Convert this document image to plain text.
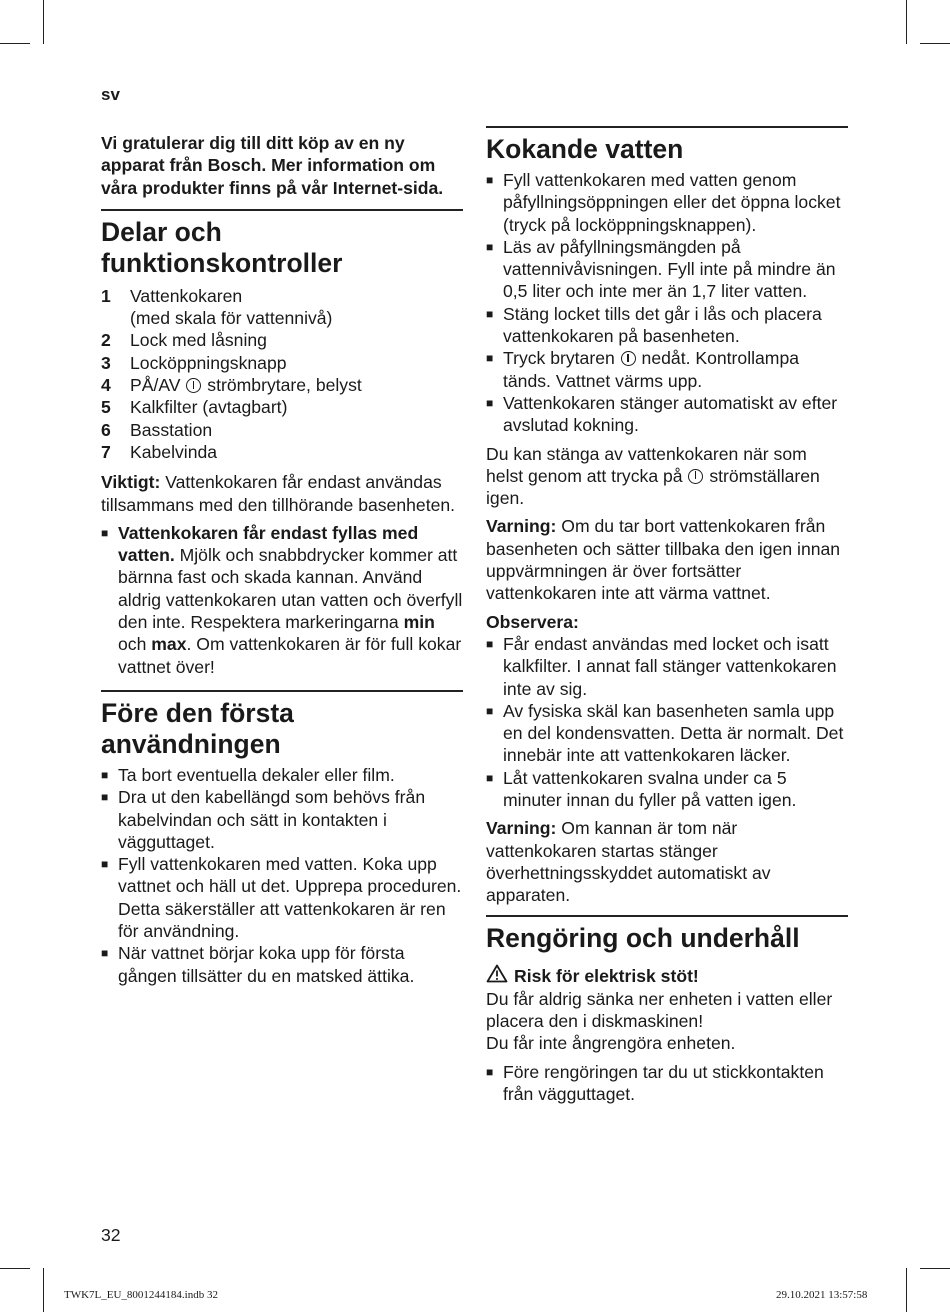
sv

Vi gratulerar dig till ditt köp av en ny apparat från Bosch. Mer information om våra produkter finns på vår Internet-sida.

Delar och funktionskontroller
1	Vattenkokaren
(med skala för vattennivå)
2	Lock med låsning
3	Locköppningsknapp
4	PÅ/AV  strömbrytare, belyst
5	Kalkfilter (avtagbart)
6	Basstation
7	Kabelvinda

Viktigt: Vattenkokaren får endast användas tillsammans med den tillhörande basenheten.

■ Vattenkokaren får endast fyllas med vatten. Mjölk och snabbdrycker kommer att bärnna fast och skada kannan. Använd aldrig vattenkokaren utan vatten och överfyll den inte. Respektera markeringarna min och max. Om vattenkokaren är för full kokar vattnet över!
Före den första användningen
■ Ta bort eventuella dekaler eller film.
■ Dra ut den kabellängd som behövs från kabelvindan och sätt in kontakten i vägguttaget.
■ Fyll vattenkokaren med vatten. Koka upp vattnet och häll ut det. Upprepa proceduren. Detta säkerställer att vattenkokaren är ren för användning.
■ När vattnet börjar koka upp för första gången tillsätter du en matsked ättika.
Kokande vatten
■ Fyll vattenkokaren med vatten genom påfyllningsöppningen eller det öppna locket (tryck på locköppningsknappen).
■ Läs av påfyllningsmängden på vattennivåvisningen. Fyll inte på mindre än 0,5 liter och inte mer än 1,7 liter vatten.
■ Stäng locket tills det går i lås och placera vattenkokaren på basenheten.
■ Tryck brytaren  nedåt. Kontrollampa tänds. Vattnet värms upp.
■ Vattenkokaren stänger automatiskt av efter avslutad kokning.

Du kan stänga av vattenkokaren när som helst genom att trycka på  strömställaren igen.

Varning: Om du tar bort vattenkokaren från basenheten och sätter tillbaka den igen innan uppvärmningen är över fortsätter vattenkokaren inte att värma vattnet.

Observera:

■ Får endast användas med locket och isatt kalkfilter. I annat fall stänger vattenkokaren inte av sig.
■ Av fysiska skäl kan basenheten samla upp en del kondensvatten. Detta är normalt. Det innebär inte att vattenkokaren läcker.
■ Låt vattenkokaren svalna under ca 5 minuter innan du fyller på vatten igen.

Varning: Om kannan är tom när vattenkokaren startas stänger överhettningsskyddet automatiskt av apparaten.

Rengöring och underhåll
Risk för elektrisk stöt!

Du får aldrig sänka ner enheten i vatten eller placera den i diskmaskinen!

Du får inte ångrengöra enheten.

■ Före rengöringen tar du ut stickkontakten från vägguttaget.
32
TWK7L_EU_8001244184.indb 32	29.10.2021 13:57:58
